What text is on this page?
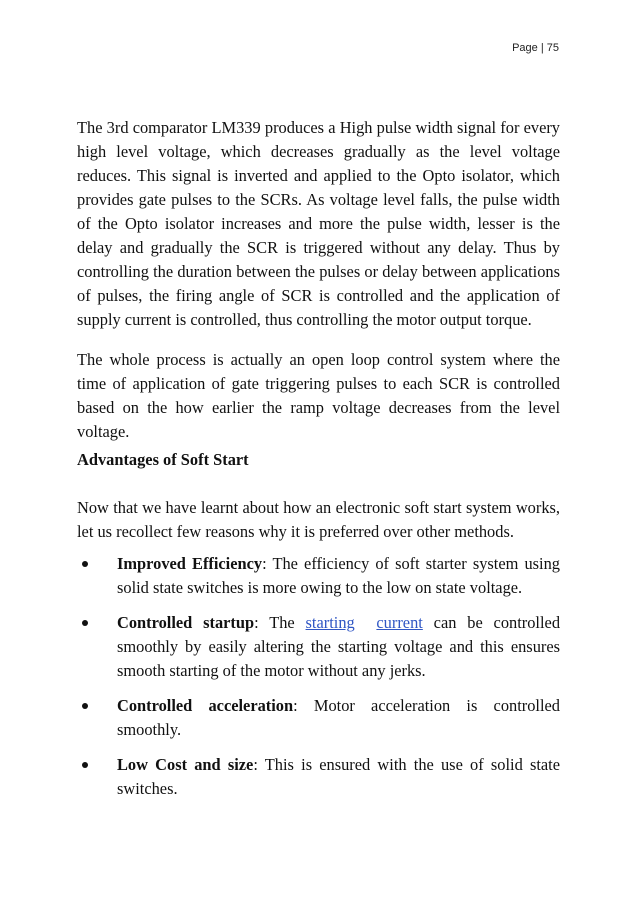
Page | 75

The 3rd comparator LM339 produces a High pulse width signal for every high level voltage, which decreases gradually as the level voltage reduces. This signal is inverted and applied to the Opto isolator, which provides gate pulses to the SCRs. As voltage level falls, the pulse width of the Opto isolator increases and more the pulse width, lesser is the delay and gradually the SCR is triggered without any delay. Thus by controlling the duration between the pulses or delay between applications of pulses, the firing angle of SCR is controlled and the application of supply current is controlled, thus controlling the motor output torque.

The whole process is actually an open loop control system where the time of application of gate triggering pulses to each SCR is controlled based on the how earlier the ramp voltage decreases from the level voltage.

Advantages of Soft Start

Now that we have learnt about how an electronic soft start system works, let us recollect few reasons why it is preferred over other methods.

Improved Efficiency: The efficiency of soft starter system using solid state switches is more owing to the low on state voltage.
Controlled startup: The starting current can be controlled smoothly by easily altering the starting voltage and this ensures smooth starting of the motor without any jerks.
Controlled acceleration: Motor acceleration is controlled smoothly.
Low Cost and size: This is ensured with the use of solid state switches.
